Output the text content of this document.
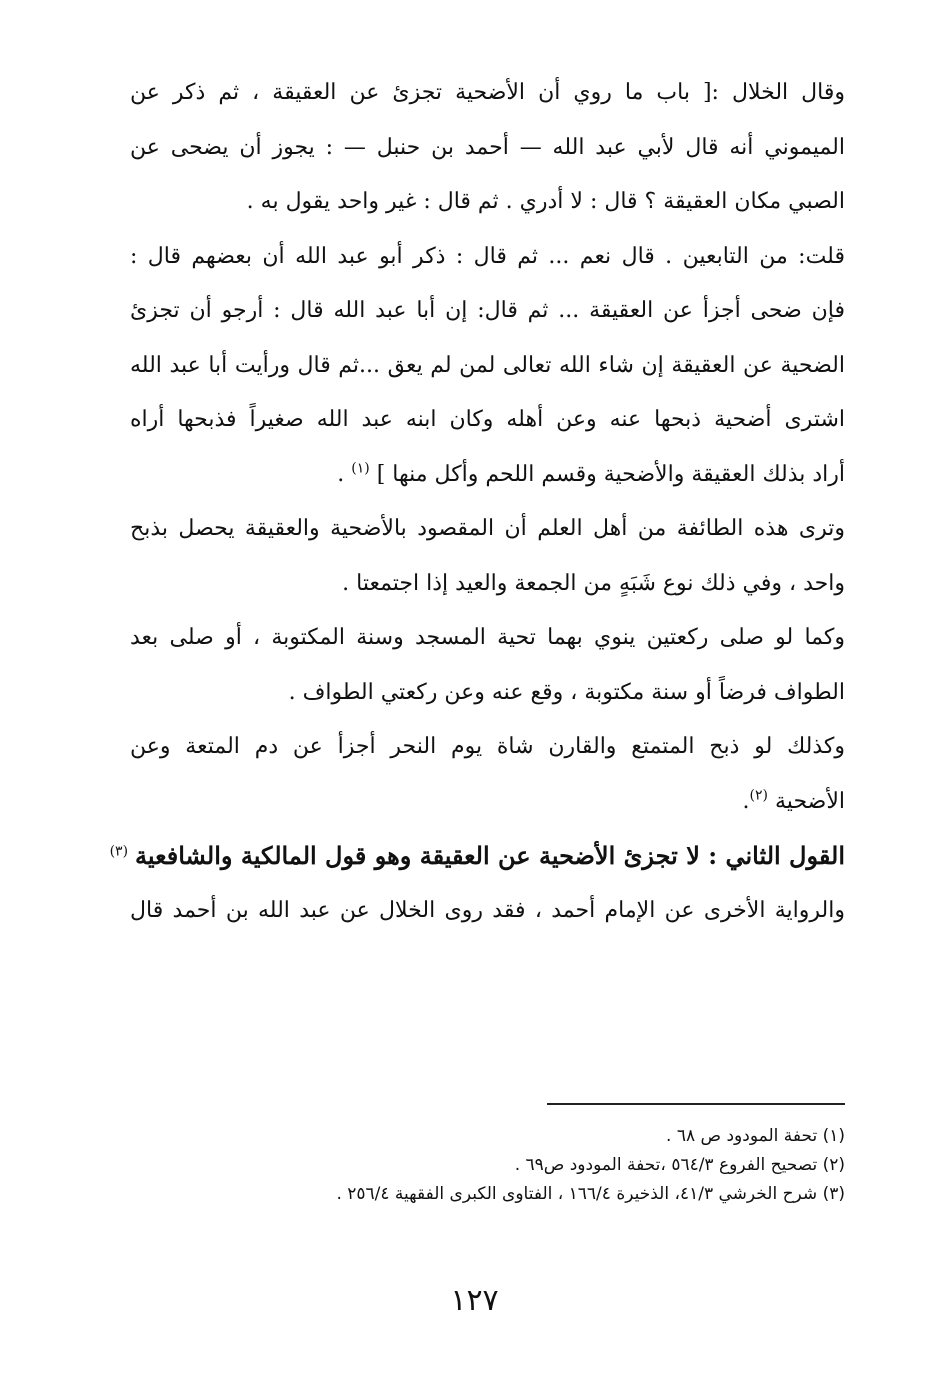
وقال الخلال :[ باب ما روي أن الأضحية تجزئ عن العقيقة ، ثم ذكر عن
الميموني أنه قال لأبي عبد الله — أحمد بن حنبل — : يجوز أن يضحى عن
الصبي مكان العقيقة ؟ قال : لا أدري . ثم قال : غير واحد يقول به .
قلت: من التابعين . قال نعم ... ثم قال : ذكر أبو عبد الله أن بعضهم قال :
فإن ضحى أجزأ عن العقيقة ... ثم قال: إن أبا عبد الله قال : أرجو أن تجزئ
الضحية عن العقيقة إن شاء الله تعالى لمن لم يعق ...ثم قال ورأيت أبا عبد الله
اشترى أضحية ذبحها عنه وعن أهله وكان ابنه عبد الله صغيراً فذبحها أراه
أراد بذلك العقيقة والأضحية وقسم اللحم وأكل منها ] $^{(١)}$ .
وترى هذه الطائفة من أهل العلم أن المقصود بالأضحية والعقيقة يحصل بذبح
واحد ، وفي ذلك نوع شَبَهٍ من الجمعة والعيد إذا اجتمعتا .
وكما لو صلى ركعتين ينوي بهما تحية المسجد وسنة المكتوبة ، أو صلى بعد
الطواف فرضاً أو سنة مكتوبة ، وقع عنه وعن ركعتي الطواف .
وكذلك لو ذبح المتمتع والقارن شاة يوم النحر أجزأ عن دم المتعة وعن
الأضحية $^{(٢)}$.
القول الثاني : لا تجزئ الأضحية عن العقيقة وهو قول المالكية والشافعية $^{(٣)}$
والرواية الأخرى عن الإمام أحمد ، فقد روى الخلال عن عبد الله بن أحمد قال
(١) تحفة المودود ص ٦٨ .
(٢) تصحيح الفروع ٥٦٤/٣ ،تحفة المودود ص٦٩ .
(٣) شرح الخرشي ٤١/٣، الذخيرة ١٦٦/٤ ، الفتاوى الكبرى الفقهية ٢٥٦/٤ .
١٢٧
